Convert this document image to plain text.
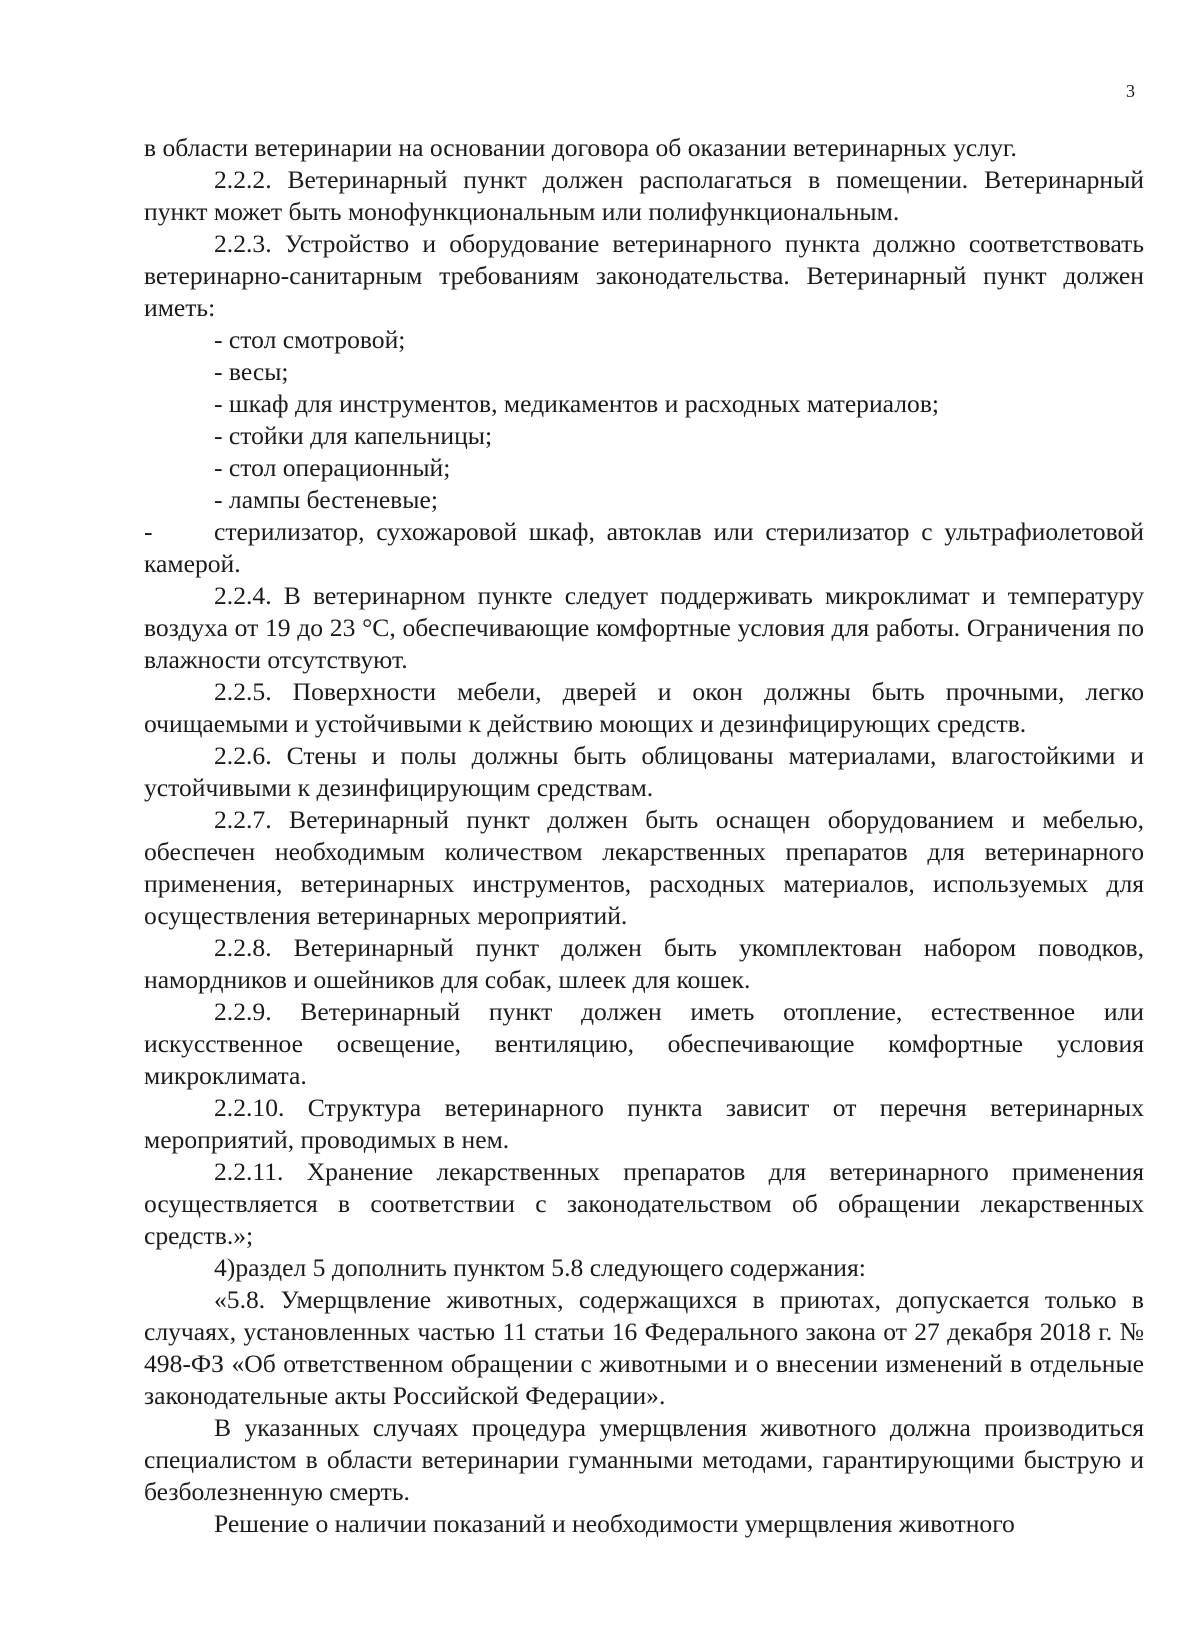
3

в области ветеринарии на основании договора об оказании ветеринарных услуг.

2.2.2. Ветеринарный пункт должен располагаться в помещении. Ветеринарный пункт может быть монофункциональным или полифункциональным.

2.2.3. Устройство и оборудование ветеринарного пункта должно соответствовать ветеринарно-санитарным требованиям законодательства. Ветеринарный пункт должен иметь:

- стол смотровой;

- весы;

- шкаф для инструментов, медикаментов и расходных материалов;

- стойки для капельницы;

- стол операционный;

- лампы бестеневые;

- стерилизатор, сухожаровой шкаф, автоклав или стерилизатор с ультрафиолетовой камерой.

2.2.4. В ветеринарном пункте следует поддерживать микроклимат и температуру воздуха от 19 до 23 °С, обеспечивающие комфортные условия для работы. Ограничения по влажности отсутствуют.

2.2.5. Поверхности мебели, дверей и окон должны быть прочными, легко очищаемыми и устойчивыми к действию моющих и дезинфицирующих средств.

2.2.6. Стены и полы должны быть облицованы материалами, влагостойкими и устойчивыми к дезинфицирующим средствам.

2.2.7. Ветеринарный пункт должен быть оснащен оборудованием и мебелью, обеспечен необходимым количеством лекарственных препаратов для ветеринарного применения, ветеринарных инструментов, расходных материалов, используемых для осуществления ветеринарных мероприятий.

2.2.8. Ветеринарный пункт должен быть укомплектован набором поводков, намордников и ошейников для собак, шлеек для кошек.

2.2.9. Ветеринарный пункт должен иметь отопление, естественное или искусственное освещение, вентиляцию, обеспечивающие комфортные условия микроклимата.

2.2.10. Структура ветеринарного пункта зависит от перечня ветеринарных мероприятий, проводимых в нем.

2.2.11. Хранение лекарственных препаратов для ветеринарного применения осуществляется в соответствии с законодательством об обращении лекарственных средств.»;

4)раздел 5 дополнить пунктом 5.8 следующего содержания:

«5.8. Умерщвление животных, содержащихся в приютах, допускается только в случаях, установленных частью 11 статьи 16 Федерального закона от 27 декабря 2018 г. № 498-ФЗ «Об ответственном обращении с животными и о внесении изменений в отдельные законодательные акты Российской Федерации».

В указанных случаях процедура умерщвления животного должна производиться специалистом в области ветеринарии гуманными методами, гарантирующими быструю и безболезненную смерть.

Решение о наличии показаний и необходимости умерщвления животного
